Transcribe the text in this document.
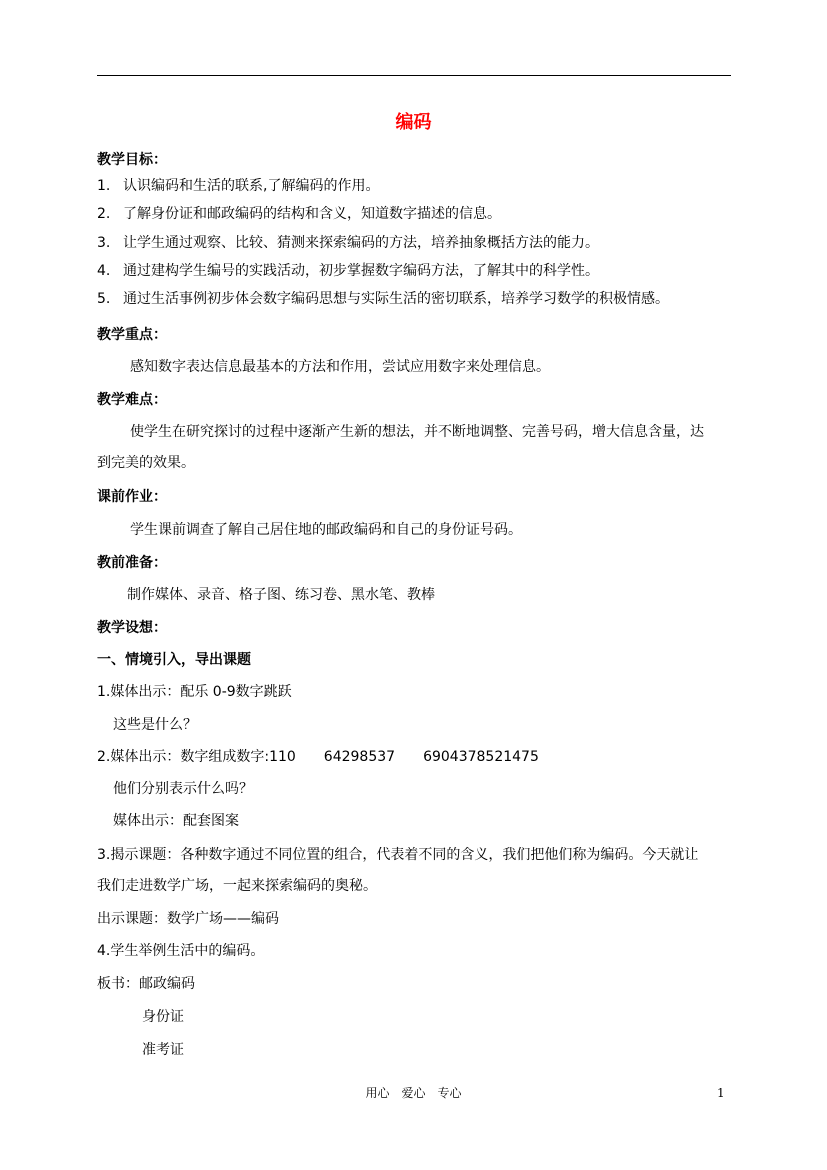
编码
教学目标：
1. 认识编码和生活的联系,了解编码的作用。
2. 了解身份证和邮政编码的结构和含义，知道数字描述的信息。
3. 让学生通过观察、比较、猜测来探索编码的方法，培养抽象概括方法的能力。
4. 通过建构学生编号的实践活动，初步掌握数字编码方法，了解其中的科学性。
5. 通过生活事例初步体会数字编码思想与实际生活的密切联系，培养学习数学的积极情感。
教学重点：
感知数字表达信息最基本的方法和作用，尝试应用数字来处理信息。
教学难点：
使学生在研究探讨的过程中逐渐产生新的想法，并不断地调整、完善号码，增大信息含量，达
到完美的效果。
课前作业：
学生课前调查了解自己居住地的邮政编码和自己的身份证号码。
教前准备：
制作媒体、录音、格子图、练习卷、黑水笔、教棒
教学设想：
一、情境引入，导出课题
1.媒体出示：配乐 0-9数字跳跃
这些是什么？
2.媒体出示：数字组成数字:110 64298537 6904378521475
他们分别表示什么吗？
媒体出示：配套图案
3.揭示课题：各种数字通过不同位置的组合，代表着不同的含义，我们把他们称为编码。今天就让
我们走进数学广场，一起来探索编码的奥秘。
出示课题：数学广场——编码
4.学生举例生活中的编码。
板书：邮政编码
身份证
准考证
用心　爱心　专心	1
